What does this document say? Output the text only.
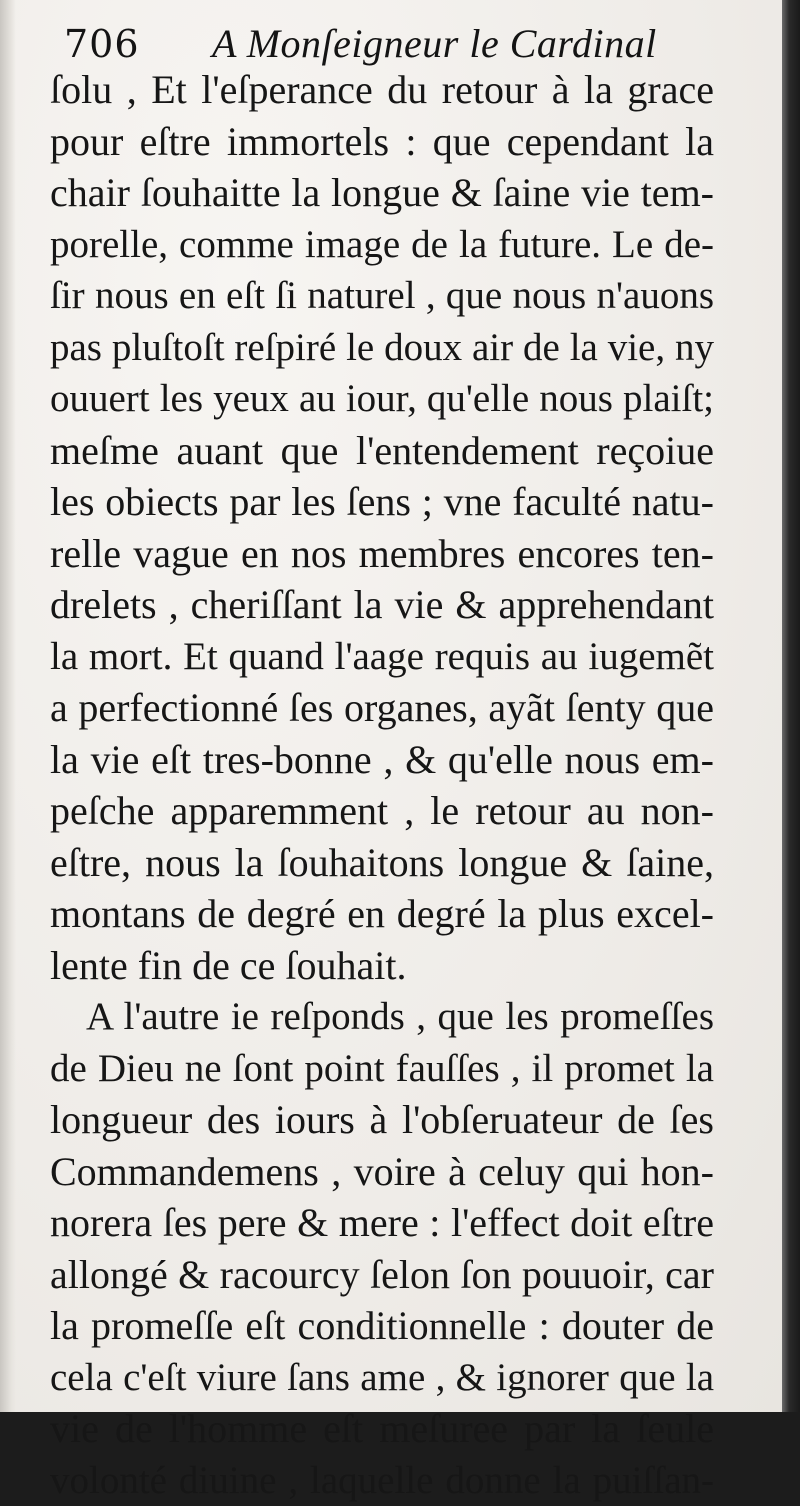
706 A Monſeigneur le Cardinal
ſolu , Et l'eſperance du retour à la grace
pour eſtre immortels : que cependant la
chair ſouhaitte la longue & ſaine vie tem-
porelle, comme image de la future. Le de-
ſir nous en eſt ſi naturel , que nous n'auons
pas pluſtoſt reſpiré le doux air de la vie, ny
ouuert les yeux au iour, qu'elle nous plaiſt;
meſme auant que l'entendement reçoiue
les obiects par les ſens ; vne faculté natu-
relle vague en nos membres encores ten-
drelets , cheriſſant la vie & apprehendant
la mort. Et quand l'aage requis au iugemẽt
a perfectionné ſes organes, ayãt ſenty que
la vie eſt tres-bonne , & qu'elle nous em-
peſche apparemment , le retour au non-
eſtre, nous la ſouhaitons longue & ſaine,
montans de degré en degré la plus excel-
lente fin de ce ſouhait.
A l'autre ie reſponds , que les promeſſes
de Dieu ne ſont point fauſſes , il promet la
longueur des iours à l'obſeruateur de ſes
Commandemens , voire à celuy qui hon-
norera ſes pere & mere : l'effect doit eſtre
allongé & racourcy ſelon ſon pouuoir, car
la promeſſe eſt conditionnelle : douter de
cela c'eſt viure ſans ame , & ignorer que la
vie de l'homme eſt meſuree par la ſeule
volonté diuine , laquelle donne la puiſſan-
